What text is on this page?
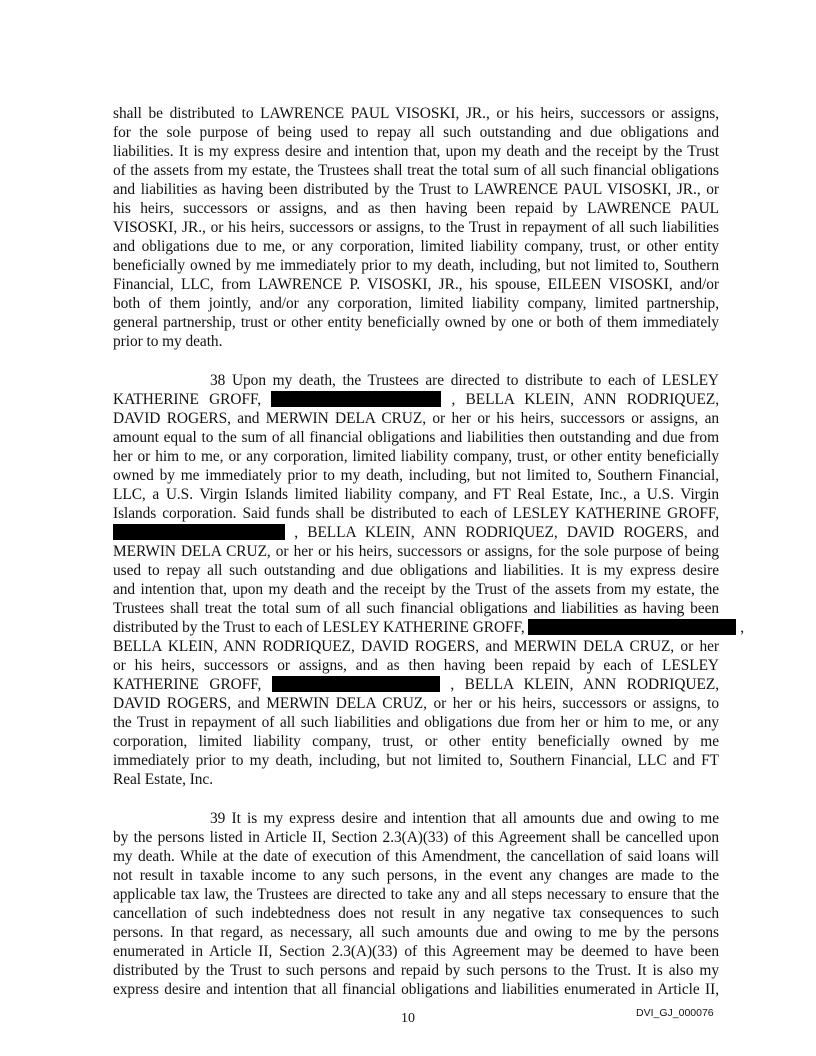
shall be distributed to LAWRENCE PAUL VISOSKI, JR., or his heirs, successors or assigns,
for the sole purpose of being used to repay all such outstanding and due obligations and
liabilities. It is my express desire and intention that, upon my death and the receipt by the Trust
of the assets from my estate, the Trustees shall treat the total sum of all such financial obligations
and liabilities as having been distributed by the Trust to LAWRENCE PAUL VISOSKI, JR., or
his heirs, successors or assigns, and as then having been repaid by LAWRENCE PAUL
VISOSKI, JR., or his heirs, successors or assigns, to the Trust in repayment of all such liabilities
and obligations due to me, or any corporation, limited liability company, trust, or other entity
beneficially owned by me immediately prior to my death, including, but not limited to, Southern
Financial, LLC, from LAWRENCE P. VISOSKI, JR., his spouse, EILEEN VISOSKI, and/or
both of them jointly, and/or any corporation, limited liability company, limited partnership,
general partnership, trust or other entity beneficially owned by one or both of them immediately
prior to my death.
38 Upon my death, the Trustees are directed to distribute to each of LESLEY
KATHERINE GROFF,	, BELLA KLEIN, ANN RODRIQUEZ,
DAVID ROGERS, and MERWIN DELA CRUZ, or her or his heirs, successors or assigns, an
amount equal to the sum of all financial obligations and liabilities then outstanding and due from
her or him to me, or any corporation, limited liability company, trust, or other entity beneficially
owned by me immediately prior to my death, including, but not limited to, Southern Financial,
LLC, a U.S. Virgin Islands limited liability company, and FT Real Estate, Inc., a U.S. Virgin
Islands corporation. Said funds shall be distributed to each of LESLEY KATHERINE GROFF,
, BELLA KLEIN, ANN RODRIQUEZ, DAVID ROGERS, and
MERWIN DELA CRUZ, or her or his heirs, successors or assigns, for the sole purpose of being
used to repay all such outstanding and due obligations and liabilities. It is my express desire
and intention that, upon my death and the receipt by the Trust of the assets from my estate, the
Trustees shall treat the total sum of all such financial obligations and liabilities as having been
distributed by the Trust to each of LESLEY KATHERINE GROFF,	,
BELLA KLEIN, ANN RODRIQUEZ, DAVID ROGERS, and MERWIN DELA CRUZ, or her
or his heirs, successors or assigns, and as then having been repaid by each of LESLEY
KATHERINE GROFF,	, BELLA KLEIN, ANN RODRIQUEZ,
DAVID ROGERS, and MERWIN DELA CRUZ, or her or his heirs, successors or assigns, to
the Trust in repayment of all such liabilities and obligations due from her or him to me, or any
corporation, limited liability company, trust, or other entity beneficially owned by me
immediately prior to my death, including, but not limited to, Southern Financial, LLC and FT
Real Estate, Inc.
39 It is my express desire and intention that all amounts due and owing to me
by the persons listed in Article II, Section 2.3(A)(33) of this Agreement shall be cancelled upon
my death. While at the date of execution of this Amendment, the cancellation of said loans will
not result in taxable income to any such persons, in the event any changes are made to the
applicable tax law, the Trustees are directed to take any and all steps necessary to ensure that the
cancellation of such indebtedness does not result in any negative tax consequences to such
persons. In that regard, as necessary, all such amounts due and owing to me by the persons
enumerated in Article II, Section 2.3(A)(33) of this Agreement may be deemed to have been
distributed by the Trust to such persons and repaid by such persons to the Trust. It is also my
express desire and intention that all financial obligations and liabilities enumerated in Article II,
10	DVI_GJ_000076
